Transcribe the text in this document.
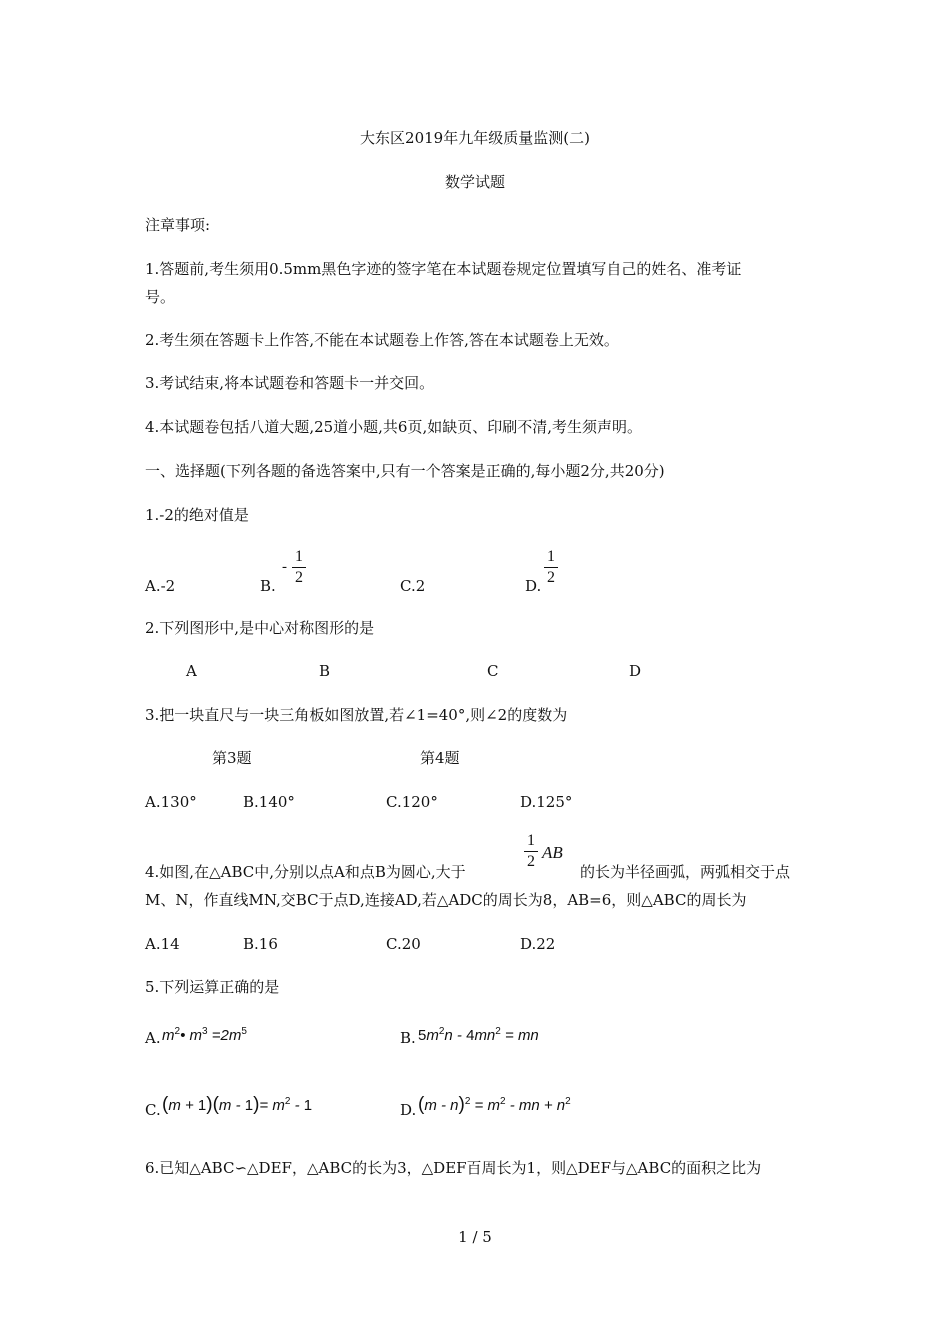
大东区2019年九年级质量监测(二)
数学试题
注章事项:
1.答题前,考生须用0.5mm黑色字迹的签字笔在本试题卷规定位置填写自己的姓名、准考证
号。
2.考生须在答题卡上作答,不能在本试题卷上作答,答在本试题卷上无效。
3.考试结束,将本试题卷和答题卡一并交回。
4.本试题卷包括八道大题,25道小题,共6页,如缺页、印刷不清,考生须声明。
一、选择题(下列各题的备选答案中,只有一个答案是正确的,每小题2分,共20分)
1.-2的绝对值是
A.-2	B.
-
1
2	C.2	D.
1
2
2.下列图形中,是中心对称图形的是
A	B	C	D
3.把一块直尺与一块三角板如图放置,若∠1=40°,则∠2的度数为
第3题	第4题
A.130°	B.140°	C.120°	D.125°
4.如图,在△ABC中,分别以点A和点B为圆心,大于
1
2 AB
的长为半径画弧，两弧相交于点
M、N，作直线MN,交BC于点D,连接AD,若△ADC的周长为8，AB=6，则△ABC的周长为
A.14	B.16	C.20	D.22
5.下列运算正确的是
A. $m^2•$ $m^3 =2m^5$	B. $5m^2n - 4mn^2$ = mn
C. $(m + 1)(m - 1)= m^2 - 1$	D. $(m - n)^2 = m^2$ - mn + $n^2$
6.已知△ABC∽△DEF，△ABC的长为3，△DEF百周长为1，则△DEF与△ABC的面积之比为
1 / 5
